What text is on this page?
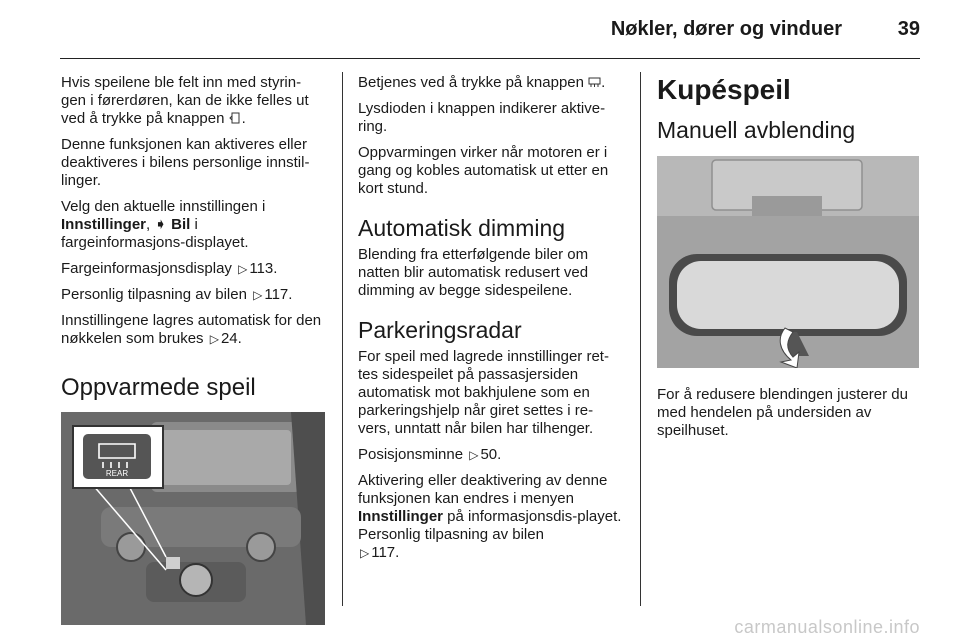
Nøkler, dører og vinduer	39

Hvis speilene ble felt inn med styrin-gen i førerdøren, kan de ikke felles ut ved å trykke på knappen .

Denne funksjonen kan aktiveres eller deaktiveres i bilens personlige innstil-linger.

Velg den aktuelle innstillingen i
Innstillinger, ➧ Bil i fargeinformasjons-displayet.

Fargeinformasjonsdisplay ▷ 113.

Personlig tilpasning av bilen ▷ 117.

Innstillingene lagres automatisk for den nøkkelen som brukes ▷ 24.

Oppvarmede speil
REAR

Betjenes ved å trykke på knappen .

Lysdioden i knappen indikerer aktive-ring.

Oppvarmingen virker når motoren er i gang og kobles automatisk ut etter en kort stund.

Automatisk dimming

Blending fra etterfølgende biler om natten blir automatisk redusert ved dimming av begge sidespeilene.

Parkeringsradar

For speil med lagrede innstillinger ret-tes sidespeilet på passasjersiden automatisk mot bakhjulene som en parkeringshjelp når giret settes i re-vers, unntatt når bilen har tilhenger.

Posisjonsminne ▷ 50.

Aktivering eller deaktivering av denne funksjonen kan endres i menyen
Innstillinger på informasjonsdis-playet. Personlig tilpasning av bilen
▷ 117.

Kupéspeil
Manuell avblending

For å redusere blendingen justerer du med hendelen på undersiden av speilhuset.

carmanualsonline.info
